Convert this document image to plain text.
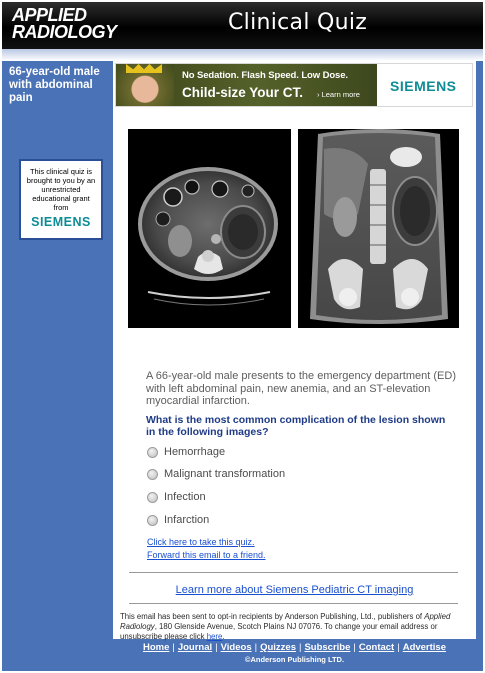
APPLIED
RADIOLOGY	Clinical Quiz
66-year-old male with abdominal pain
This clinical quiz is brought to you by an unrestricted educational grant from
SIEMENS
No Sedation. Flash Speed. Low Dose.
Child-size Your CT. › Learn more
SIEMENS

A 66-year-old male presents to the emergency department (ED) with left abdominal pain, new anemia, and an ST-elevation myocardial infarction.

What is the most common complication of the lesion shown in the following images?

Hemorrhage
Malignant transformation
Infection
Infarction
Click here to take this quiz.
Forward this email to a friend.
Learn more about Siemens Pediatric CT imaging
This email has been sent to opt-in recipients by Anderson Publishing, Ltd., publishers of Applied Radiology, 180 Glenside Avenue, Scotch Plains NJ 07076. To change your email address or unsubscribe please click here.
Home | Journal | Videos | Quizzes | Subscribe | Contact | Advertise
©Anderson Publishing LTD.
